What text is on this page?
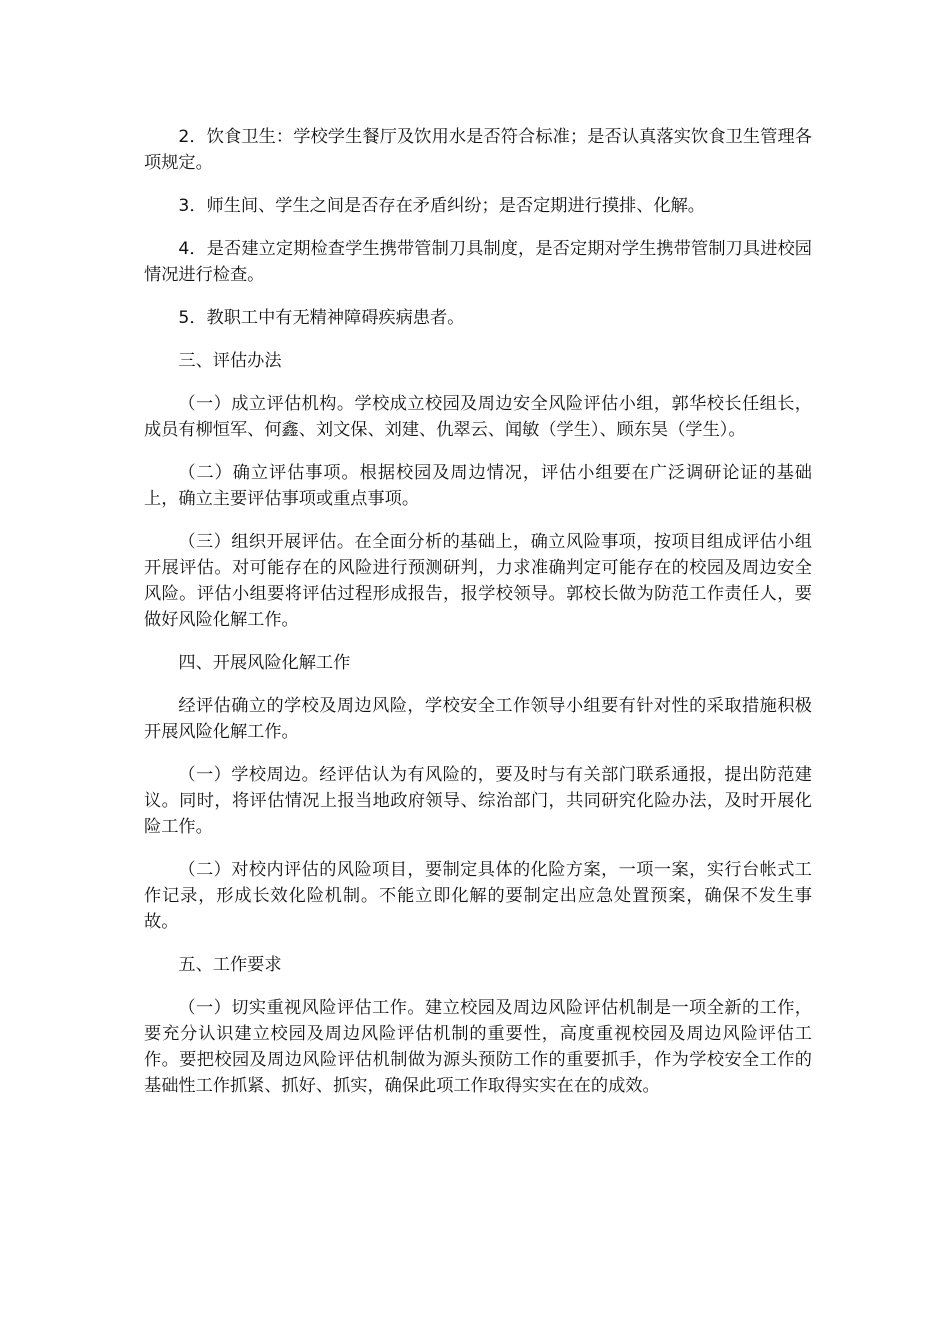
2．饮食卫生：学校学生餐厅及饮用水是否符合标准；是否认真落实饮食卫生管理各项规定。

3．师生间、学生之间是否存在矛盾纠纷；是否定期进行摸排、化解。

4．是否建立定期检查学生携带管制刀具制度，是否定期对学生携带管制刀具进校园情况进行检查。

5．教职工中有无精神障碍疾病患者。

三、评估办法

（一）成立评估机构。学校成立校园及周边安全风险评估小组，郭华校长任组长，成员有柳恒军、何鑫、刘文保、刘建、仇翠云、闻敏（学生）、顾东昊（学生）。

（二）确立评估事项。根据校园及周边情况，评估小组要在广泛调研论证的基础上，确立主要评估事项或重点事项。

（三）组织开展评估。在全面分析的基础上，确立风险事项，按项目组成评估小组开展评估。对可能存在的风险进行预测研判，力求准确判定可能存在的校园及周边安全风险。评估小组要将评估过程形成报告，报学校领导。郭校长做为防范工作责任人，要做好风险化解工作。

四、开展风险化解工作

经评估确立的学校及周边风险，学校安全工作领导小组要有针对性的采取措施积极开展风险化解工作。

（一）学校周边。经评估认为有风险的，要及时与有关部门联系通报，提出防范建议。同时，将评估情况上报当地政府领导、综治部门，共同研究化险办法，及时开展化险工作。

（二）对校内评估的风险项目，要制定具体的化险方案，一项一案，实行台帐式工作记录，形成长效化险机制。不能立即化解的要制定出应急处置预案，确保不发生事故。

五、工作要求

（一）切实重视风险评估工作。建立校园及周边风险评估机制是一项全新的工作，要充分认识建立校园及周边风险评估机制的重要性，高度重视校园及周边风险评估工作。要把校园及周边风险评估机制做为源头预防工作的重要抓手，作为学校安全工作的基础性工作抓紧、抓好、抓实，确保此项工作取得实实在在的成效。
